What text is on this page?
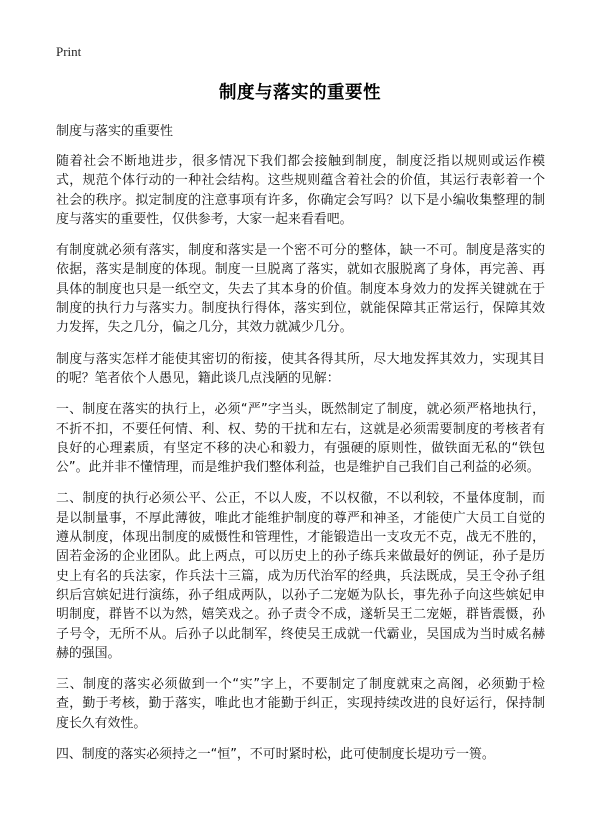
Print
制度与落实的重要性
制度与落实的重要性

随着社会不断地进步，很多情况下我们都会接触到制度，制度泛指以规则或运作模式，规范个体行动的一种社会结构。这些规则蕴含着社会的价值，其运行表彰着一个社会的秩序。拟定制度的注意事项有许多，你确定会写吗？以下是小编收集整理的制度与落实的重要性，仅供参考，大家一起来看看吧。

有制度就必须有落实，制度和落实是一个密不可分的整体，缺一不可。制度是落实的依据，落实是制度的体现。制度一旦脱离了落实，就如衣服脱离了身体，再完善、再具体的制度也只是一纸空文，失去了其本身的价值。制度本身效力的发挥关键就在于制度的执行力与落实力。制度执行得体，落实到位，就能保障其正常运行，保障其效力发挥，失之几分，偏之几分，其效力就减少几分。

制度与落实怎样才能使其密切的衔接，使其各得其所，尽大地发挥其效力，实现其目的呢？笔者依个人愚见，籍此谈几点浅陋的见解：

一、制度在落实的执行上，必须“严”字当头，既然制定了制度，就必须严格地执行，不折不扣，不要任何情、利、权、势的干扰和左右，这就是必须需要制度的考核者有良好的心理素质，有坚定不移的决心和毅力，有强硬的原则性，做铁面无私的“铁包公”。此并非不懂情理，而是维护我们整体利益，也是维护自己我们自己利益的必须。

二、制度的执行必须公平、公正，不以人废，不以权徹，不以利较，不量体度制，而是以制量事，不厚此薄彼，唯此才能维护制度的尊严和神圣，才能使广大员工自觉的遵从制度，体现出制度的威慑性和管理性，才能锻造出一支攻无不克，战无不胜的，固若金汤的企业团队。此上两点，可以历史上的孙子练兵来做最好的例证，孙子是历史上有名的兵法家，作兵法十三篇，成为历代治军的经典，兵法既成，吴王令孙子组织后宫嫔妃进行演练，孙子组成两队，以孙子二宠姬为队长，事先孙子向这些嫔妃申明制度，群皆不以为然，嬉笑戏之。孙子责令不成，遂斩吴王二宠姬，群皆震慑，孙子号令，无所不从。后孙子以此制军，终使吴王成就一代霸业，吴国成为当时威名赫赫的强国。

三、制度的落实必须做到一个“实”字上，不要制定了制度就束之高阁，必须勤于检查，勤于考核，勤于落实，唯此也才能勤于纠正，实现持续改进的良好运行，保持制度长久有效性。

四、制度的落实必须持之一“恒”，不可时紧时松，此可使制度长堤功亏一篑。
